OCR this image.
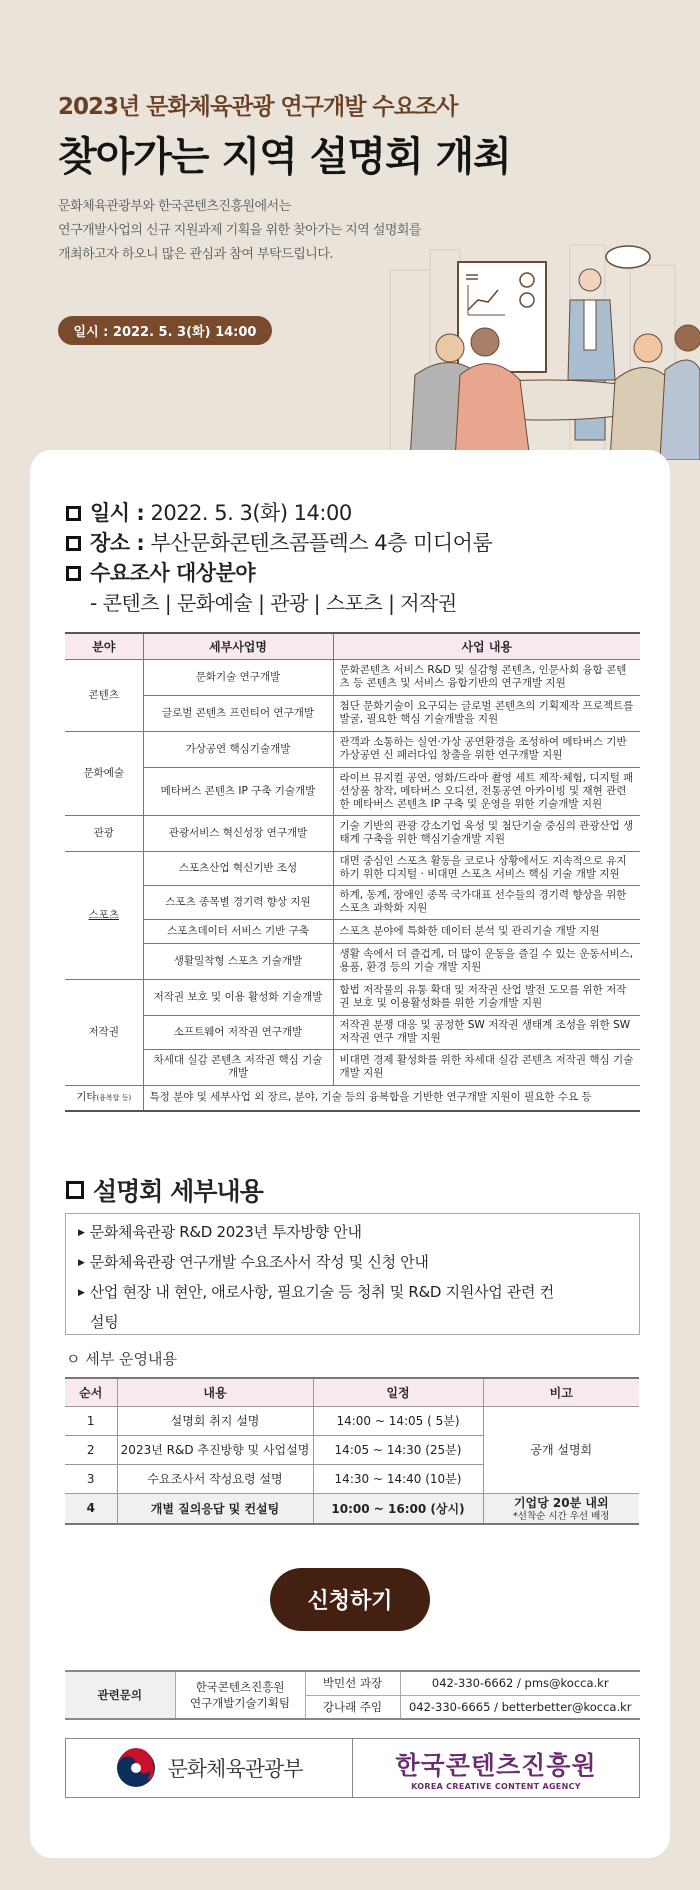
2023년 문화체육관광 연구개발 수요조사
찾아가는 지역 설명회 개최
문화체육관광부와 한국콘텐츠진흥원에서는
연구개발사업의 신규 지원과제 기획을 위한 찾아가는 지역 설명회를
개최하고자 하오니 많은 관심과 참여 부탁드립니다.
일시 : 2022. 5. 3(화) 14:00
일시 :
2022. 5. 3(화) 14:00
장소 :
부산문화콘텐츠콤플렉스 4층 미디어룸
수요조사 대상분야
- 콘텐츠 | 문화예술 | 관광 | 스포츠 | 저작권
분야	세부사업명	사업 내용
콘텐츠	문화기술 연구개발	문화콘텐츠 서비스 R&D 및 실감형 콘텐츠, 인문사회 융합 콘텐츠 등 콘텐츠 및 서비스 융합기반의 연구개발 지원
	글로벌 콘텐츠 프런티어 연구개발	첨단 문화기술이 요구되는 글로벌 콘텐츠의 기획제작 프로젝트를 발굴, 필요한 핵심 기술개발을 지원
문화예술	가상공연 핵심기술개발	관객과 소통하는 실연·가상 공연환경을 조성하여 메타버스 기반 가상공연 신 패러다임 창출을 위한 연구개발 지원
	메타버스 콘텐츠 IP 구축 기술개발	라이브 뮤지컬 공연, 영화/드라마 촬영 세트 제작·체험, 디지털 패션상품 창작, 메타버스 오디션, 전통공연 아카이빙 및 재현 관련한 메타버스 콘텐츠 IP 구축 및 운영을 위한 기술개발 지원
관광	관광서비스 혁신성장 연구개발	기술 기반의 관광 강소기업 육성 및 첨단기술 중심의 관광산업 생태계 구축을 위한 핵심기술개발 지원
스포츠	스포츠산업 혁신기반 조성	대면 중심인 스포츠 활동을 코로나 상황에서도 지속적으로 유지하기 위한 디지털 · 비대면 스포츠 서비스 핵심 기술 개발 지원
	스포츠 종목별 경기력 향상 지원	하계, 동계, 장애인 종목 국가대표 선수들의 경기력 향상을 위한 스포츠 과학화 지원
	스포츠데이터 서비스 기반 구축	스포츠 분야에 특화한 데이터 분석 및 관리기술 개발 지원
	생활밀착형 스포츠 기술개발	생활 속에서 더 즐겁게, 더 많이 운동을 즐길 수 있는 운동서비스, 용품, 환경 등의 기술 개발 지원
저작권	저작권 보호 및 이용 활성화 기술개발	합법 저작물의 유통 확대 및 저작권 산업 발전 도모를 위한 저작권 보호 및 이용활성화를 위한 기술개발 지원
	소프트웨어 저작권 연구개발	저작권 분쟁 대응 및 공정한 SW 저작권 생태계 조성을 위한 SW 저작권 연구 개발 지원
	차세대 실감 콘텐츠 저작권 핵심 기술개발	비대면 경제 활성화를 위한 차세대 실감 콘텐츠 저작권 핵심 기술 개발 지원
기타(융복합 등)	특정 분야 및 세부사업 외 장르, 분야, 기술 등의 융복합을 기반한 연구개발 지원이 필요한 수요 등	
설명회 세부내용
▶ 문화체육관광 R&D 2023년 투자방향 안내
▶ 문화체육관광 연구개발 수요조사서 작성 및 신청 안내
▶ 산업 현장 내 현안, 애로사항, 필요기술 등 청취 및 R&D 지원사업 관련 컨
설팅
ㅇ 세부 운영내용
순서	내용	일정	비고
1	설명회 취지 설명	14:00 ~ 14:05 ( 5분)	공개 설명회
2	2023년 R&D 추진방향 및 사업설명	14:05 ~ 14:30 (25분)	
3	수요조사서 작성요령 설명	14:30 ~ 14:40 (10분)	
4	개별 질의응답 및 컨설팅	10:00 ~ 16:00 (상시)	기업당 20분 내외
*선착순 시간 우선 배정
신청하기
관련문의	한국콘텐츠진흥원
연구개발기술기획팀	박민선 과장	042-330-6662 / pms@kocca.kr
		강나래 주임	042-330-6665 / betterbetter@kocca.kr
문화체육관광부	한국콘텐츠진흥원
KOREA CREATIVE CONTENT AGENCY
